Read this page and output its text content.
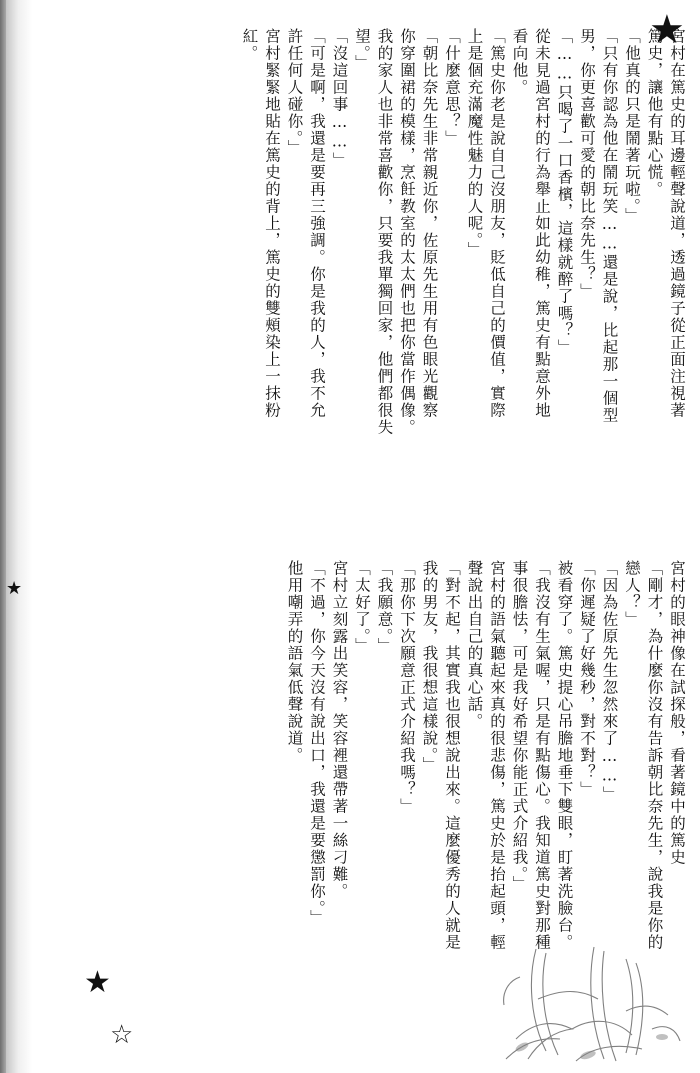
★
★
★
☆
宮村在篤史的耳邊輕聲說道，透過鏡子從正面注視著
篤史，讓他有點心慌。
「他真的只是鬧著玩啦。」
「只有你認為他在鬧玩笑……還是說，比起那一個型
男，你更喜歡可愛的朝比奈先生？」
「……只喝了一口香檳，這樣就醉了嗎？」
從未見過宮村的行為舉止如此幼稚，篤史有點意外地
看向他。
「篤史你老是說自己沒朋友，貶低自己的價值，實際
上是個充滿魔性魅力的人呢。」
「什麼意思？」
「朝比奈先生非常親近你，佐原先生用有色眼光觀察
你穿圍裙的模樣，烹飪教室的太太們也把你當作偶像。
我的家人也非常喜歡你，只要我單獨回家，他們都很失
望。」
「沒這回事……」
「可是啊，我還是要再三強調。你是我的人，我不允
許任何人碰你。」
宮村緊緊地貼在篤史的背上，篤史的雙頰染上一抹粉
紅。
宮村的眼神像在試探般，看著鏡中的篤史
「剛才，為什麼你沒有告訴朝比奈先生，說我是你的
戀人？」
「因為佐原先生忽然來了……」
「你遲疑了好幾秒，對不對？」
被看穿了。篤史提心吊膽地垂下雙眼，盯著洗臉台。
「我沒有生氣喔，只是有點傷心。我知道篤史對那種
事很膽怯，可是我好希望你能正式介紹我。」
宮村的語氣聽起來真的很悲傷，篤史於是抬起頭，輕
聲說出自己的真心話。
「對不起，其實我也很想說出來。這麼優秀的人就是
我的男友，我很想這樣說。」
「那你下次願意正式介紹我嗎？」
「我願意。」
「太好了。」
宮村立刻露出笑容，笑容裡還帶著一絲刁難。
「不過，你今天沒有說出口，我還是要懲罰你。」
他用嘲弄的語氣低聲說道。
